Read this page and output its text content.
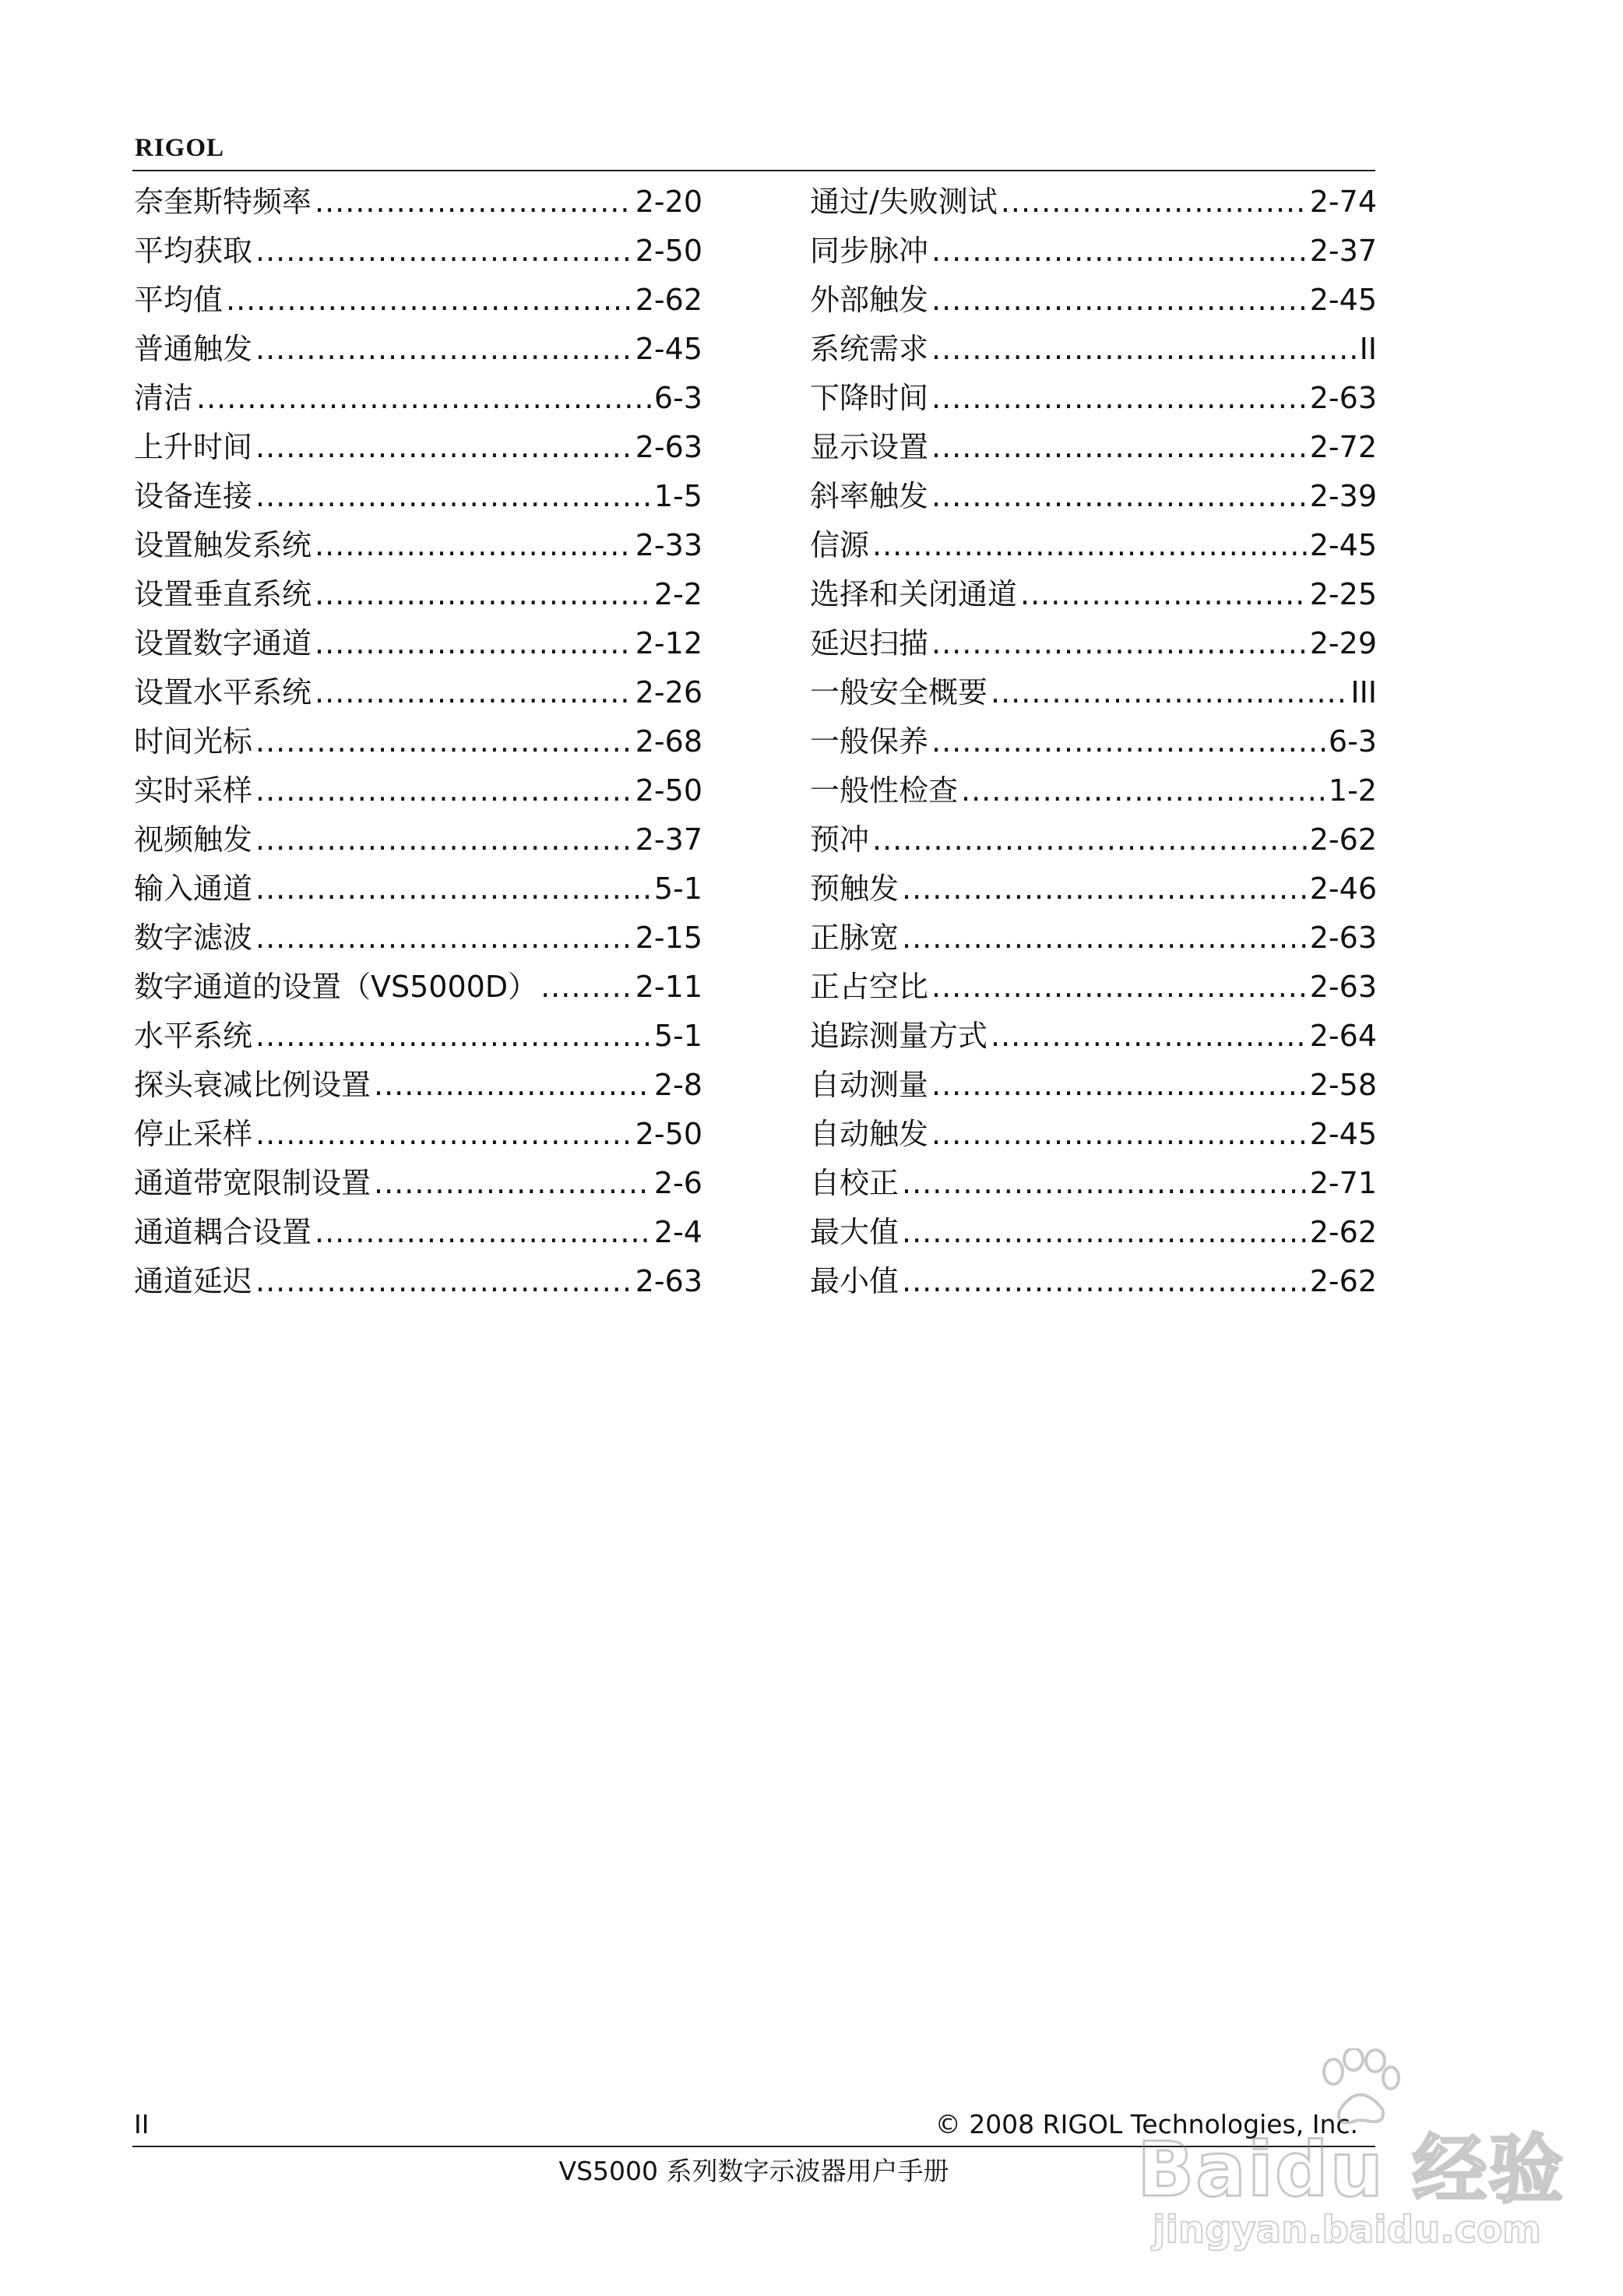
RIGOL
奈奎斯特频率 .....	2-20
平均获取 .....	2-50
平均值 .....	2-62
普通触发 .....	2-45
清洁 .....	6-3
上升时间 .....	2-63
设备连接 .....	1-5
设置触发系统 .....	2-33
设置垂直系统 .....	2-2
设置数字通道 .....	2-12
设置水平系统 .....	2-26
时间光标 .....	2-68
实时采样 .....	2-50
视频触发 .....	2-37
输入通道 .....	5-1
数字滤波 .....	2-15
数字通道的设置（VS5000D） .....	2-11
水平系统 .....	5-1
探头衰减比例设置 .....	2-8
停止采样 .....	2-50
通道带宽限制设置 .....	2-6
通道耦合设置 .....	2-4
通道延迟 .....	2-63
通过/失败测试 .....	2-74
同步脉冲 .....	2-37
外部触发 .....	2-45
系统需求 .....	II
下降时间 .....	2-63
显示设置 .....	2-72
斜率触发 .....	2-39
信源 .....	2-45
选择和关闭通道 .....	2-25
延迟扫描 .....	2-29
一般安全概要 .....	III
一般保养 .....	6-3
一般性检查 .....	1-2
预冲 .....	2-62
预触发 .....	2-46
正脉宽 .....	2-63
正占空比 .....	2-63
追踪测量方式 .....	2-64
自动测量 .....	2-58
自动触发 .....	2-45
自校正 .....	2-71
最大值 .....	2-62
最小值 .....	2-62
II	© 2008 RIGOL Technologies, Inc.
VS5000 系列数字示波器用户手册	Baidu 经验
jingyan.baidu.com
